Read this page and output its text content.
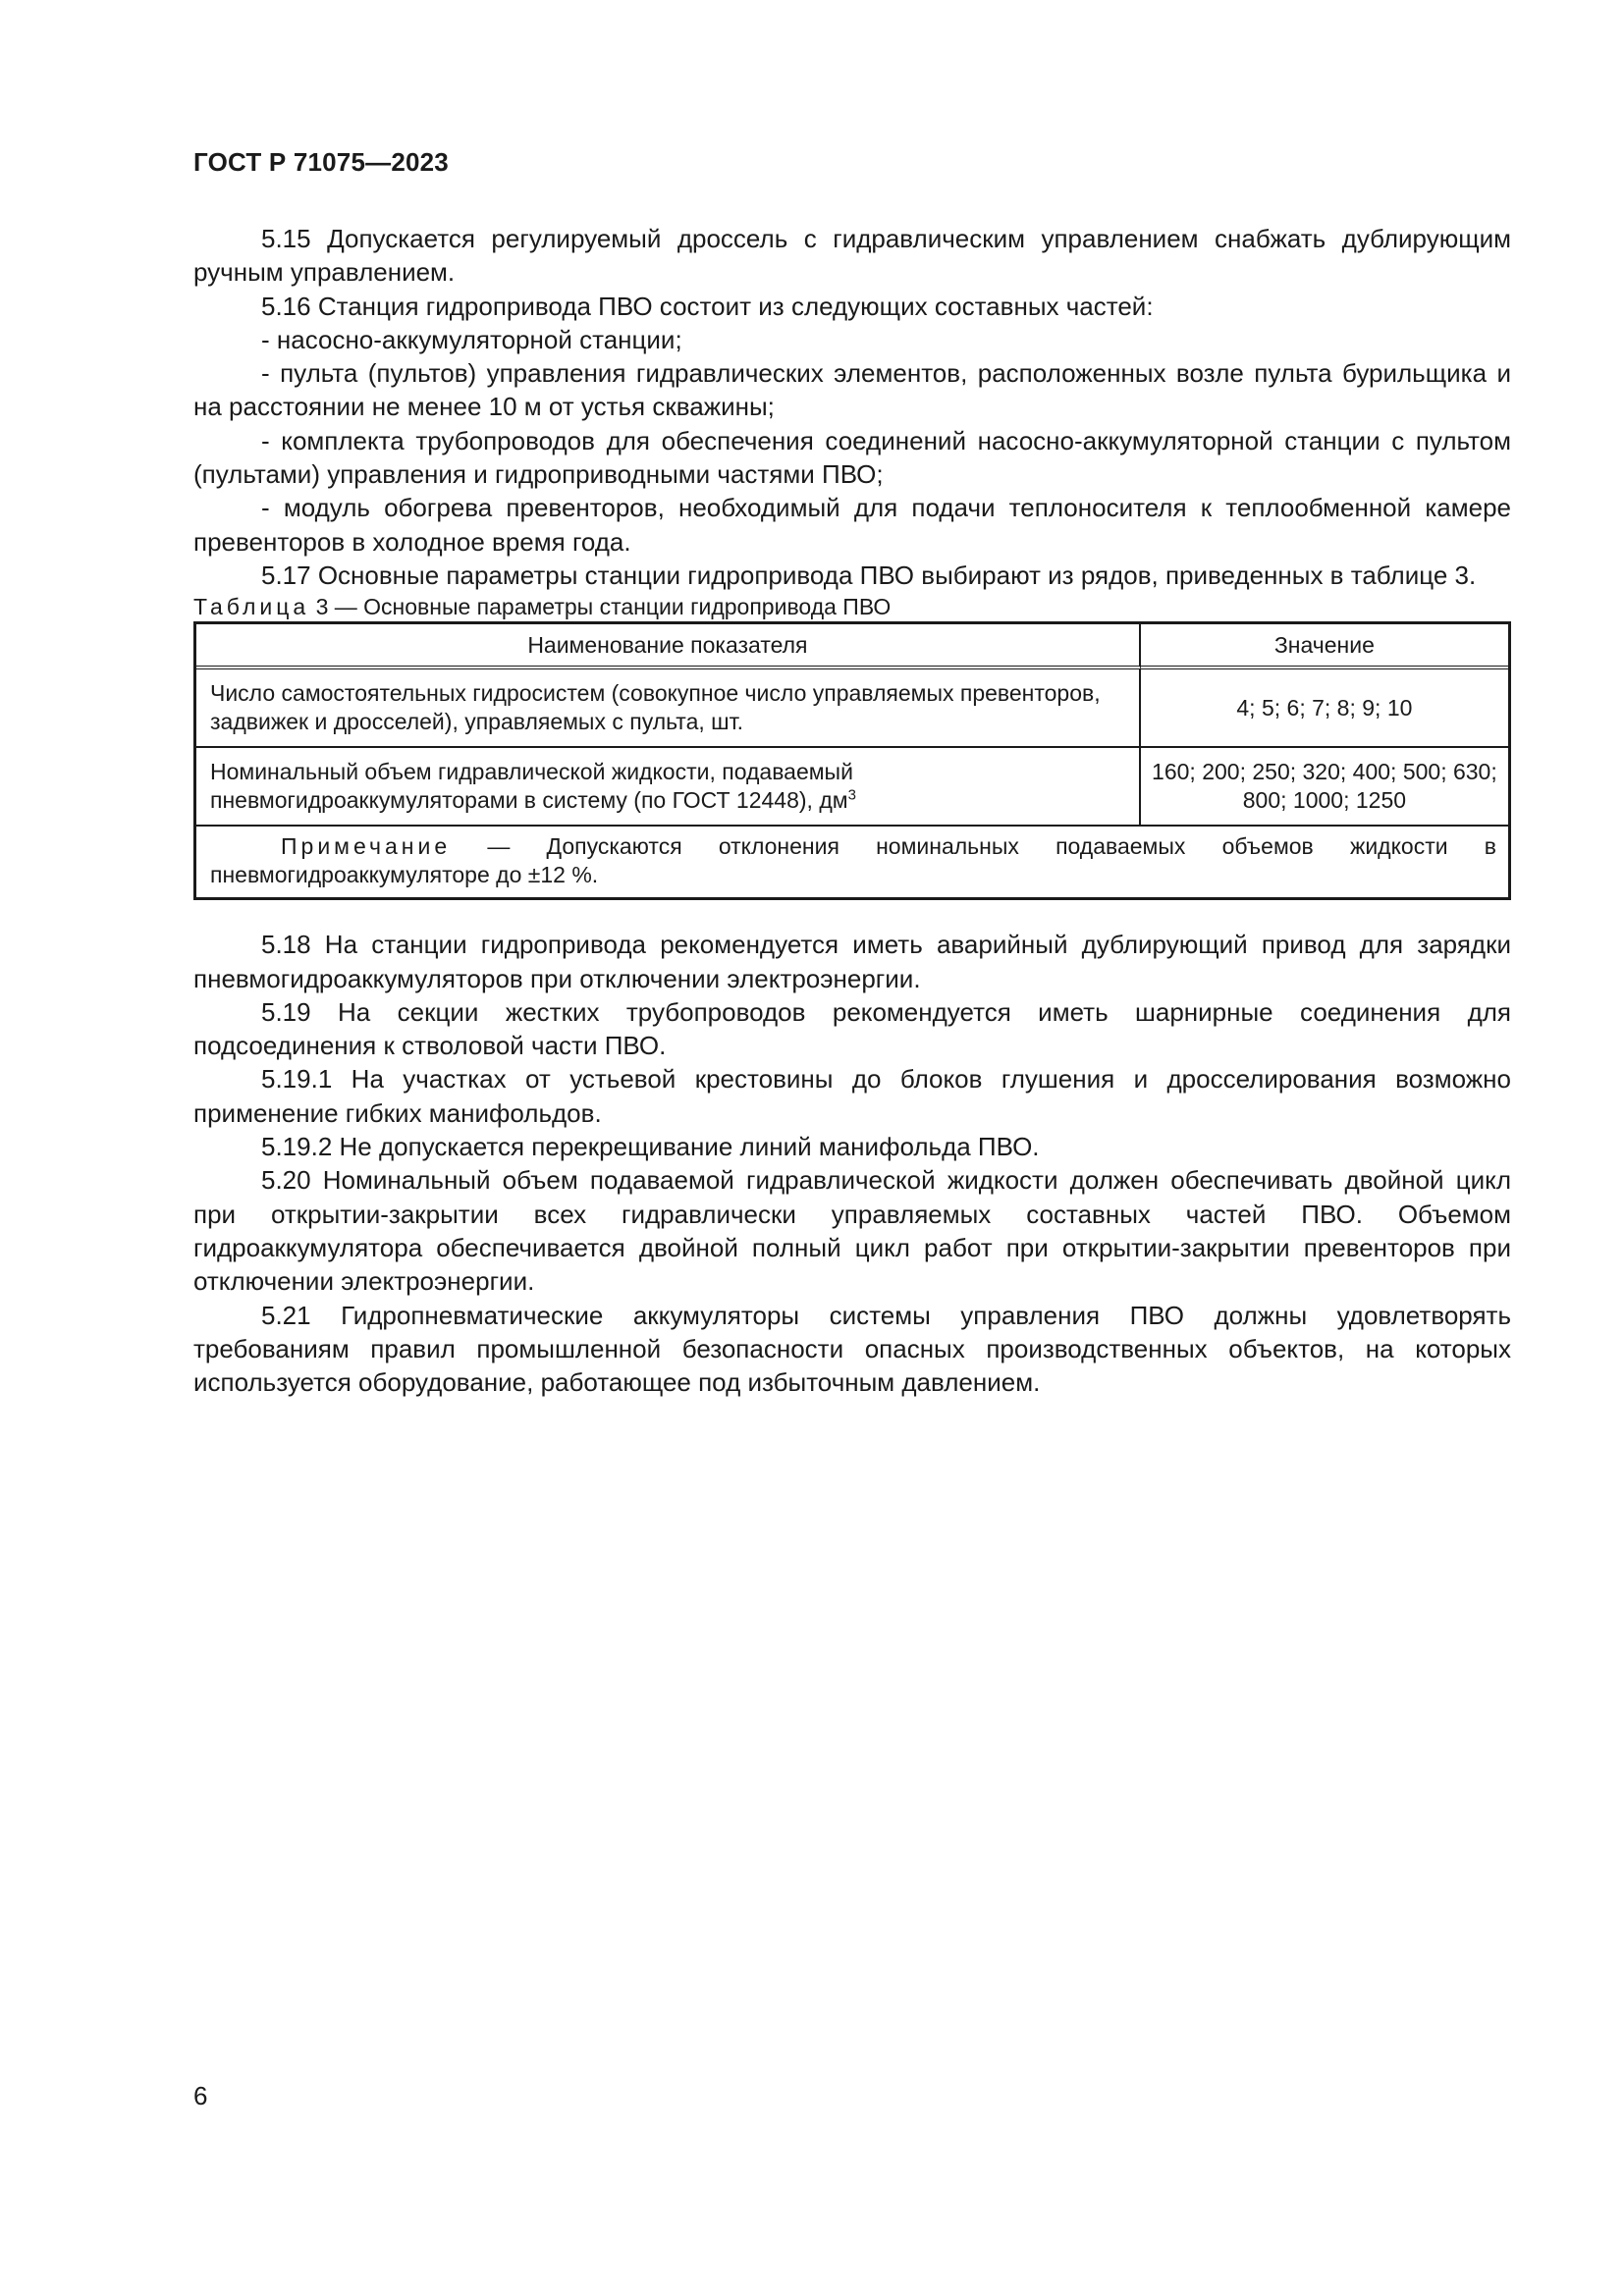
ГОСТ Р 71075—2023

5.15 Допускается регулируемый дроссель с гидравлическим управлением снабжать дублирующим ручным управлением.

5.16 Станция гидропривода ПВО состоит из следующих составных частей:

- насосно-аккумуляторной станции;

- пульта (пультов) управления гидравлических элементов, расположенных возле пульта бурильщика и на расстоянии не менее 10 м от устья скважины;

- комплекта трубопроводов для обеспечения соединений насосно-аккумуляторной станции с пультом (пультами) управления и гидроприводными частями ПВО;

- модуль обогрева превенторов, необходимый для подачи теплоносителя к теплообменной камере превенторов в холодное время года.

5.17 Основные параметры станции гидропривода ПВО выбирают из рядов, приведенных в таблице 3.

Таблица 3 — Основные параметры станции гидропривода ПВО

Наименование показателя	Значение
Число самостоятельных гидросистем (совокупное число управляемых превенторов, задвижек и дросселей), управляемых с пульта, шт.	4; 5; 6; 7; 8; 9; 10
Номинальный объем гидравлической жидкости, подаваемый пневмогидроаккумуляторами в систему (по ГОСТ 12448), $дм^3$	160; 200; 250; 320; 400; 500; 630; 800; 1000; 1250
Примечание — Допускаются отклонения номинальных подаваемых объемов жидкости в пневмогидроаккумуляторе до ±12 %.	

5.18 На станции гидропривода рекомендуется иметь аварийный дублирующий привод для зарядки пневмогидроаккумуляторов при отключении электроэнергии.

5.19 На секции жестких трубопроводов рекомендуется иметь шарнирные соединения для подсоединения к стволовой части ПВО.

5.19.1 На участках от устьевой крестовины до блоков глушения и дросселирования возможно применение гибких манифольдов.

5.19.2 Не допускается перекрещивание линий манифольда ПВО.

5.20 Номинальный объем подаваемой гидравлической жидкости должен обеспечивать двойной цикл при открытии-закрытии всех гидравлически управляемых составных частей ПВО. Объемом гидроаккумулятора обеспечивается двойной полный цикл работ при открытии-закрытии превенторов при отключении электроэнергии.

5.21 Гидропневматические аккумуляторы системы управления ПВО должны удовлетворять требованиям правил промышленной безопасности опасных производственных объектов, на которых используется оборудование, работающее под избыточным давлением.

6
